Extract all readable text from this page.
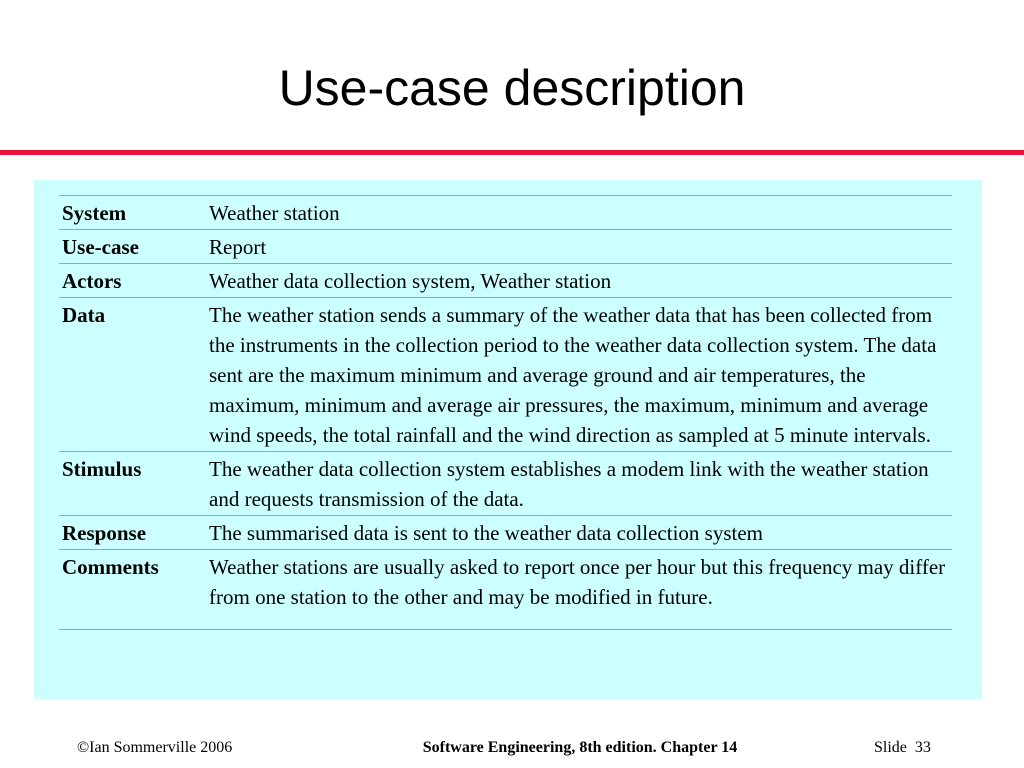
Use-case description
System	Weather station
Use-case	Report
Actors	Weather data collection system, Weather station
Data	The weather station sends a summary of the weather data that has been collected from the instruments in the collection period to the weather data collection system. The data sent are the maximum minimum and average ground and air temperatures, the maximum, minimum and average air pressures, the maximum, minimum and average wind speeds, the total rainfall and the wind direction as sampled at 5 minute intervals.
Stimulus	The weather data collection system establishes a modem link with the weather station and requests transmission of the data.
Response	The summarised data is sent to the weather data collection system
Comments	Weather stations are usually asked to report once per hour but this frequency may differ from one station to the other and may be modified in future.
©Ian Sommerville 2006	Software Engineering, 8th edition. Chapter 14	Slide 33
